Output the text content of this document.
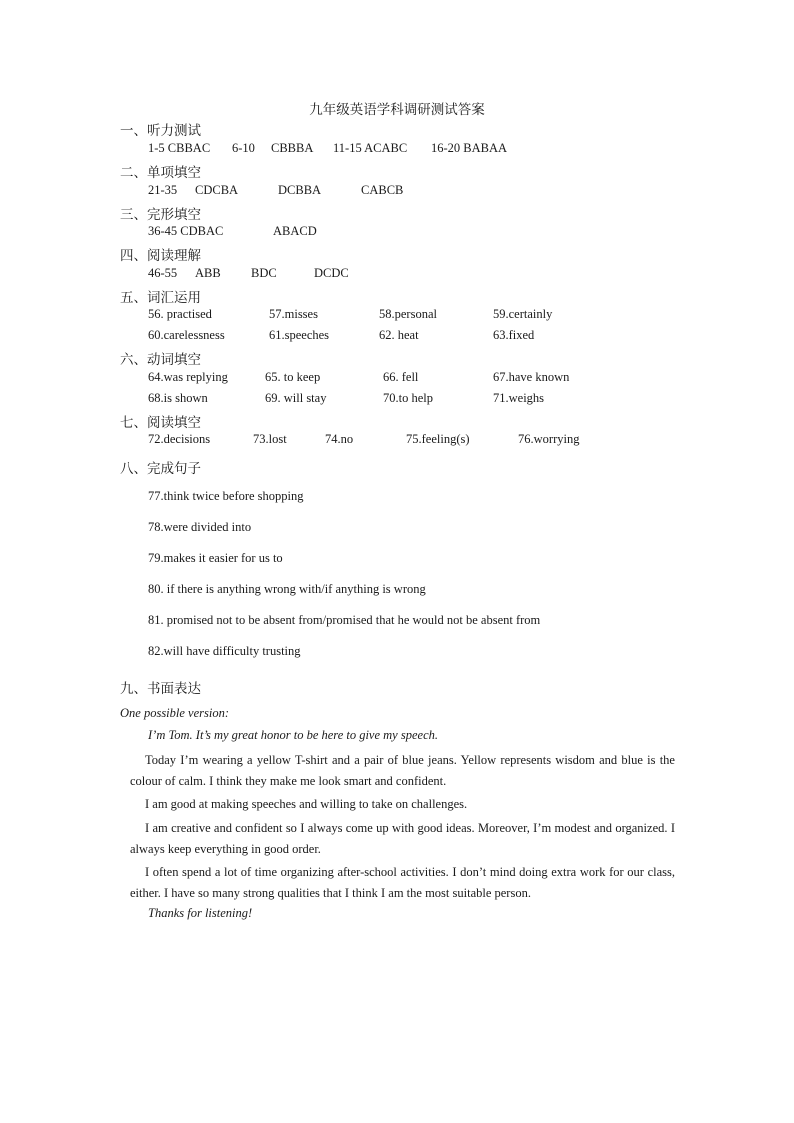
九年级英语学科调研测试答案
一、听力测试
1-5 CBBAC 6-10 CBBBA 11-15 ACABC 16-20 BABAA
二、单项填空
21-35 CDCBA	DCBBA	CABCB
三、完形填空
36-45 CDBAC	ABACD
四、阅读理解
46-55 ABB BDC	DCDC
五、词汇运用
56. practised	57.misses	58.personal	59.certainly
60.carelessness	61.speeches	62. heat	63.fixed
六、动词填空
64.was replying	65. to keep	66. fell	67.have known
68.is shown	69. will stay	70.to help	71.weighs
七、阅读填空
72.decisions	73.lost	74.no	75.feeling(s)	76.worrying
八、完成句子
77.think twice before shopping
78.were divided into
79.makes it easier for us to
80. if there is anything wrong with/if anything is wrong
81. promised not to be absent from/promised that he would not be absent from
82.will have difficulty trusting
九、书面表达
One possible version:
I’m Tom. It’s my great honor to be here to give my speech.
Today I’m wearing a yellow T-shirt and a pair of blue jeans. Yellow represents wisdom and blue is the colour of calm. I think they make me look smart and confident.
I am good at making speeches and willing to take on challenges.
I am creative and confident so I always come up with good ideas. Moreover, I’m modest and organized. I always keep everything in good order.
I often spend a lot of time organizing after-school activities. I don’t mind doing extra work for our class, either. I have so many strong qualities that I think I am the most suitable person.
Thanks for listening!
